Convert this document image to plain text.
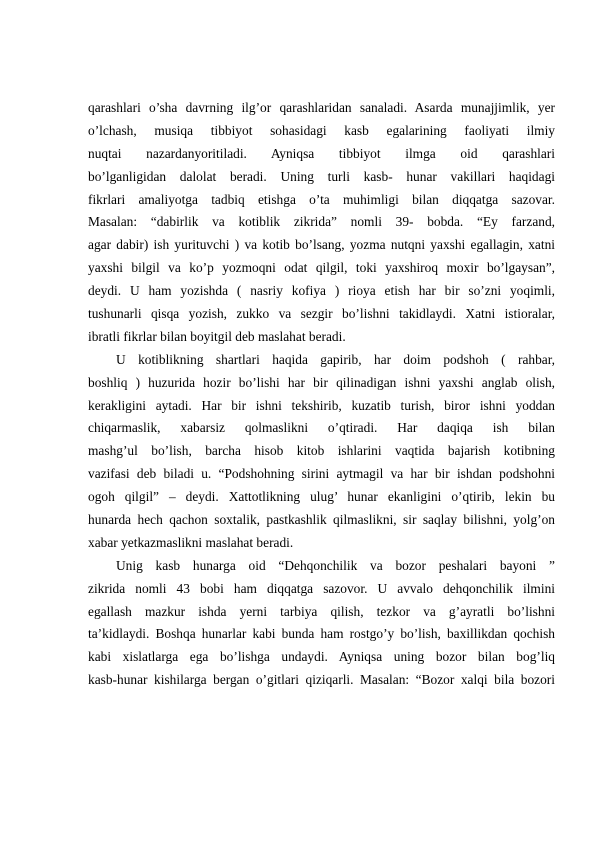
qarashlari o’sha davrning ilg’or qarashlaridan sanaladi. Asarda munajjimlik, yer
o’lchash, musiqa tibbiyot sohasidagi kasb egalarining faoliyati ilmiy
nuqtai nazardanyoritiladi. Ayniqsa tibbiyot ilmga oid qarashlari
bo’lganligidan dalolat beradi. Uning turli kasb- hunar vakillari haqidagi
fikrlari amaliyotga tadbiq etishga o’ta muhimligi bilan diqqatga sazovar.
Masalan: “dabirlik va kotiblik zikrida” nomli 39- bobda. “Ey farzand,
agar dabir) ish yurituvchi ) va kotib bo’lsang, yozma nutqni yaxshi egallagin, xatni
yaxshi bilgil va ko’p yozmoqni odat qilgil, toki yaxshiroq moxir bo’lgaysan”,
deydi. U ham yozishda ( nasriy kofiya ) rioya etish har bir so’zni yoqimli,
tushunarli qisqa yozish, zukko va sezgir bo’lishni takidlaydi. Xatni istioralar,
ibratli fikrlar bilan boyitgil deb maslahat beradi.
U kotiblikning shartlari haqida gapirib, har doim podshoh ( rahbar,
boshliq ) huzurida hozir bo’lishi har bir qilinadigan ishni yaxshi anglab olish,
kerakligini aytadi. Har bir ishni tekshirib, kuzatib turish, biror ishni yoddan
chiqarmaslik, xabarsiz qolmaslikni o’qtiradi. Har daqiqa ish bilan
mashg’ul bo’lish, barcha hisob kitob ishlarini vaqtida bajarish kotibning
vazifasi deb biladi u. “Podshohning sirini aytmagil va har bir ishdan podshohni
ogoh qilgil” – deydi. Xattotlikning ulug’ hunar ekanligini o’qtirib, lekin bu
hunarda hech qachon soxtalik, pastkashlik qilmaslikni, sir saqlay bilishni, yolg’on
xabar yetkazmaslikni maslahat beradi.
Unig kasb hunarga oid “Dehqonchilik va bozor peshalari bayoni ”
zikrida nomli 43 bobi ham diqqatga sazovor. U avvalo dehqonchilik ilmini
egallash mazkur ishda yerni tarbiya qilish, tezkor va g’ayratli bo’lishni
ta’kidlaydi. Boshqa hunarlar kabi bunda ham rostgo’y bo’lish, baxillikdan qochish
kabi xislatlarga ega bo’lishga undaydi. Ayniqsa uning bozor bilan bog’liq
kasb-hunar kishilarga bergan o’gitlari qiziqarli. Masalan: “Bozor xalqi bila bozori
